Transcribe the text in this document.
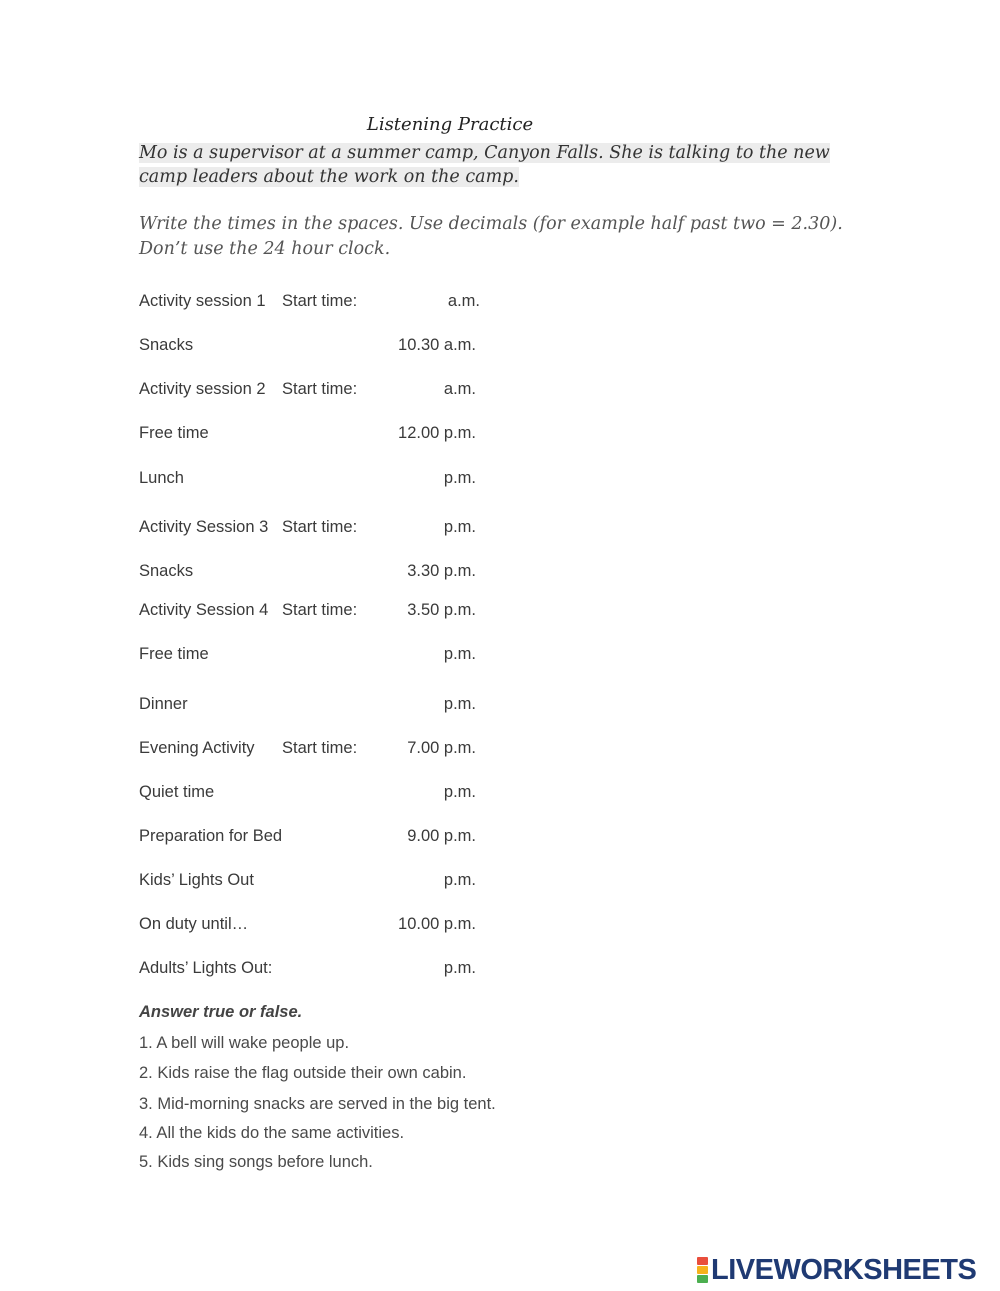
Listening Practice
Mo is a supervisor at a summer camp, Canyon Falls. She is talking to the new camp leaders about the work on the camp.
Write the times in the spaces. Use decimals (for example half past two = 2.30). Don’t use the 24 hour clock.
Activity session 1 Start time:	a.m.
Snacks	10.30 a.m.
Activity session 2 Start time:	a.m.
Free time	12.00 p.m.
Lunch	p.m.
Activity Session 3 Start time:	p.m.
Snacks	3.30 p.m.
Activity Session 4 Start time:	3.50 p.m.
Free time	p.m.
Dinner	p.m.
Evening Activity Start time:	7.00 p.m.
Quiet time	p.m.
Preparation for Bed	9.00 p.m.
Kids’ Lights Out	p.m.
On duty until…	10.00 p.m.
Adults’ Lights Out:	p.m.
Answer true or false.
1. A bell will wake people up.
2. Kids raise the flag outside their own cabin.
3. Mid-morning snacks are served in the big tent.
4. All the kids do the same activities.
5. Kids sing songs before lunch.
LIVEWORKSHEETS
